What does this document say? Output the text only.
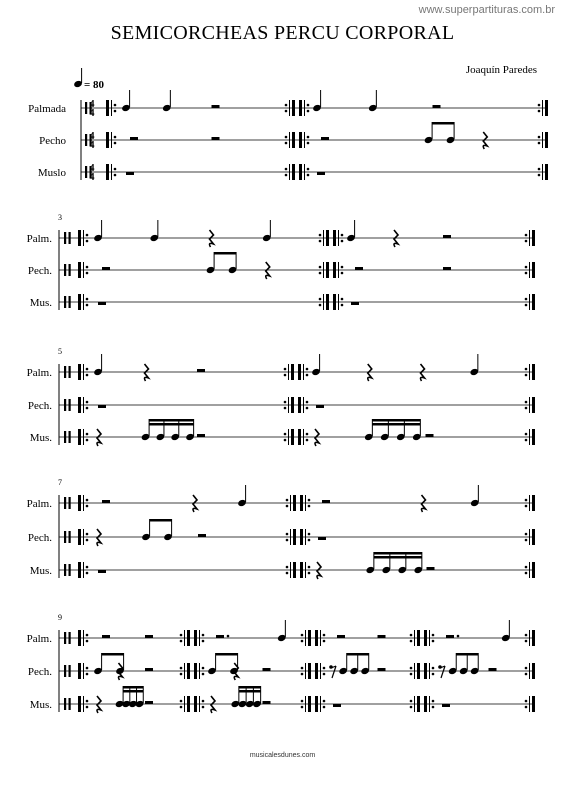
www.superpartituras.com.br
SEMICORCHEAS PERCU CORPORAL
Joaquín Paredes
Palmada 4
4
Pecho 4
4
Muslo 4
4
= 80
3
Palm.
Pech.
Mus.
5
Palm.
Pech.
Mus.
7
Palm.
Pech.
Mus.
9
Palm.
Pech.
Mus.
musicalesdunes.com
